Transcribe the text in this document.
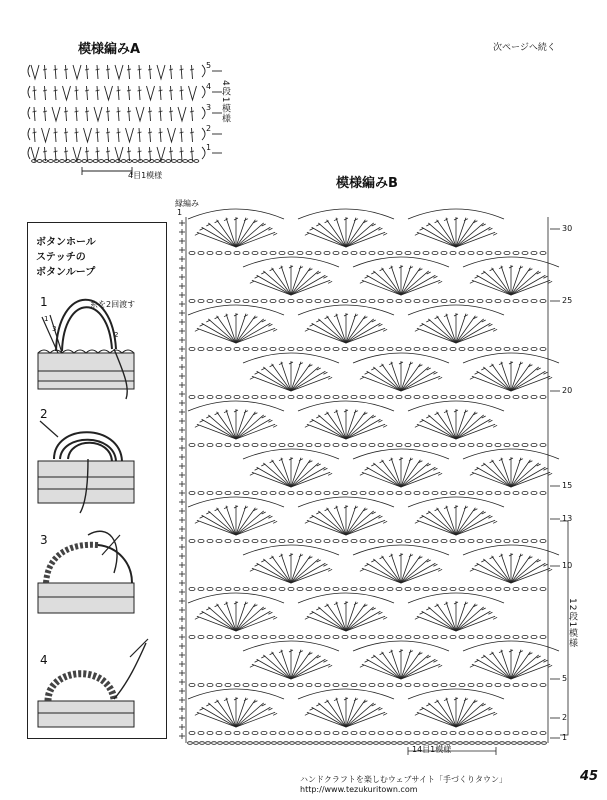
模様編みA	次ページへ続く
5
4
3
2
1
4段1模様
4目1模様
模様編みB
縁編み
1
30
25
20
15
13
10
5
2
1
12段1模様
14目1模様
ボタンホール
ステッチの
ボタンループ
1
2
3
4
糸を2回渡す
1
3
2
ハンドクラフトを楽しむウェブサイト「手づくりタウン」http://www.tezukuritown.com
45
